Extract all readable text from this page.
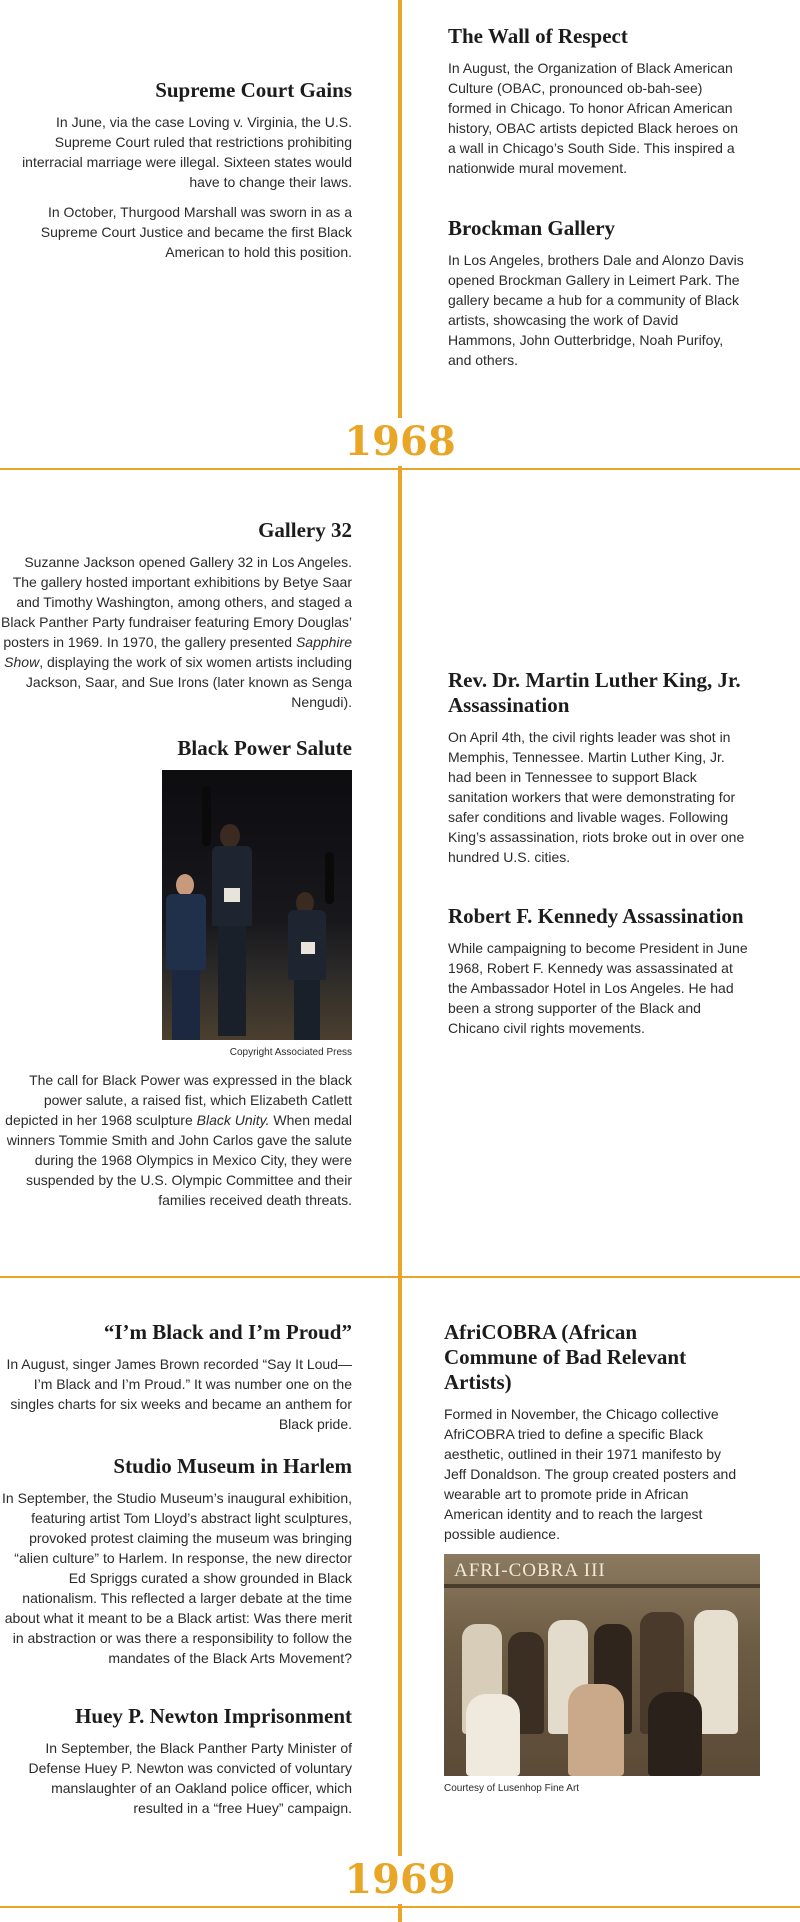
1968
1969
Supreme Court Gains

In June, via the case Loving v. Virginia, the U.S. Supreme Court ruled that restrictions prohibiting interracial marriage were illegal. Sixteen states would have to change their laws.

In October, Thurgood Marshall was sworn in as a Supreme Court Justice and became the first Black American to hold this position.

The Wall of Respect

In August, the Organization of Black American Culture (OBAC, pronounced ob-bah-see) formed in Chicago. To honor African American history, OBAC artists depicted Black heroes on a wall in Chicago’s South Side. This inspired a nationwide mural movement.

Brockman Gallery

In Los Angeles, brothers Dale and Alonzo Davis opened Brockman Gallery in Leimert Park. The gallery became a hub for a community of Black artists, showcasing the work of David Hammons, John Outterbridge, Noah Purifoy, and others.

Gallery 32

Suzanne Jackson opened Gallery 32 in Los Angeles. The gallery hosted important exhibitions by Betye Saar and Timothy Washington, among others, and staged a Black Panther Party fundraiser featuring Emory Douglas’ posters in 1969. In 1970, the gallery presented Sapphire Show, displaying the work of six women artists including Jackson, Saar, and Sue Irons (later known as Senga Nengudi).

Black Power Salute
Copyright Associated Press

The call for Black Power was expressed in the black power salute, a raised fist, which Elizabeth Catlett depicted in her 1968 sculpture Black Unity. When medal winners Tommie Smith and John Carlos gave the salute during the 1968 Olympics in Mexico City, they were suspended by the U.S. Olympic Committee and their families received death threats.

Rev. Dr. Martin Luther King, Jr. Assassination

On April 4th, the civil rights leader was shot in Memphis, Tennessee. Martin Luther King, Jr. had been in Tennessee to support Black sanitation workers that were demonstrating for safer conditions and livable wages. Following King’s assassination, riots broke out in over one hundred U.S. cities.

Robert F. Kennedy Assassination

While campaigning to become President in June 1968, Robert F. Kennedy was assassinated at the Ambassador Hotel in Los Angeles. He had been a strong supporter of the Black and Chicano civil rights movements.

“I’m Black and I’m Proud”

In August, singer James Brown recorded “Say It Loud—I’m Black and I’m Proud.” It was number one on the singles charts for six weeks and became an anthem for Black pride.

Studio Museum in Harlem

In September, the Studio Museum’s inaugural exhibition, featuring artist Tom Lloyd’s abstract light sculptures, provoked protest claiming the museum was bringing “alien culture” to Harlem. In response, the new director Ed Spriggs curated a show grounded in Black nationalism. This reflected a larger debate at the time about what it meant to be a Black artist: Was there merit in abstraction or was there a responsibility to follow the mandates of the Black Arts Movement?

Huey P. Newton Imprisonment

In September, the Black Panther Party Minister of Defense Huey P. Newton was convicted of voluntary manslaughter of an Oakland police officer, which resulted in a “free Huey” campaign.

AfriCOBRA (African Commune of Bad Relevant Artists)

Formed in November, the Chicago collective AfriCOBRA tried to define a specific Black aesthetic, outlined in their 1971 manifesto by Jeff Donaldson. The group created posters and wearable art to promote pride in African American identity and to reach the largest possible audience.

AFRI-COBRA III
Courtesy of Lusenhop Fine Art
